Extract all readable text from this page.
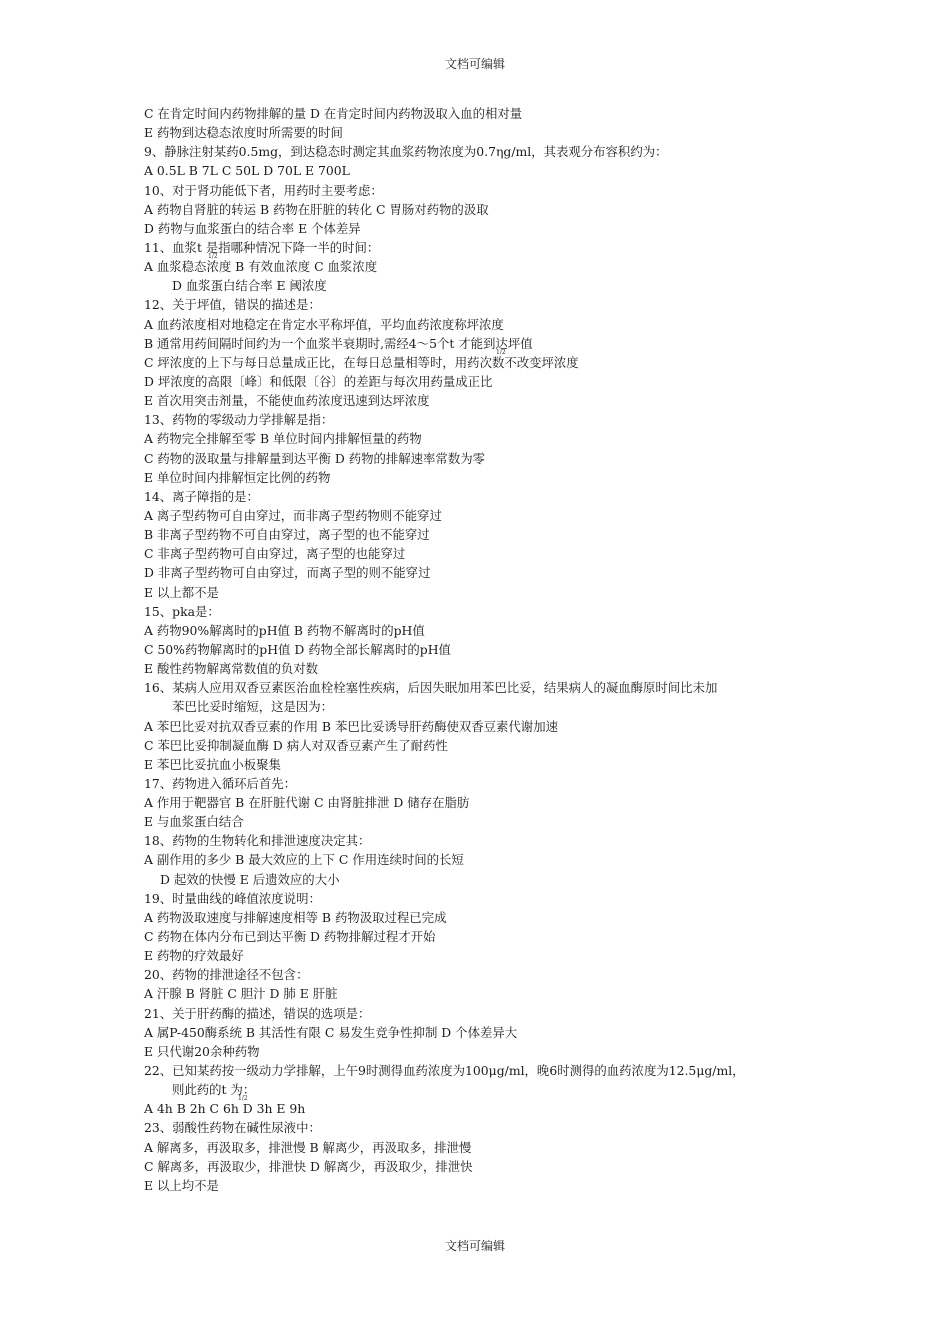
文档可编辑
C 在肯定时间内药物排解的量 D 在肯定时间内药物汲取入血的相对量
E 药物到达稳态浓度时所需要的时间
9、静脉注射某药0.5mg，到达稳态时测定其血浆药物浓度为0.7ηg/ml，其表观分布容积约为：
A 0.5L B 7L C 50L D 70L E 700L
10、对于肾功能低下者，用药时主要考虑：
A 药物自肾脏的转运 B 药物在肝脏的转化 C 胃肠对药物的汲取
D 药物与血浆蛋白的结合率 E 个体差异
11、血浆t 是指哪种情况下降一半的时间：
A 血浆稳态浓度 B 有效血浓度 C 血浆浓度
1/2
D 血浆蛋白结合率 E 阈浓度
12、关于坪值，错误的描述是：
A 血药浓度相对地稳定在肯定水平称坪值，平均血药浓度称坪浓度
B 通常用药间隔时间约为一个血浆半衰期时,需经4～5个t 才能到达坪值
C 坪浓度的上下与每日总量成正比，在每日总量相等时，用药次数不改变坪浓度
1/2
D 坪浓度的高限〔峰〕和低限〔谷〕的差距与每次用药量成正比
E 首次用突击剂量，不能使血药浓度迅速到达坪浓度
13、药物的零级动力学排解是指：
A 药物完全排解至零 B 单位时间内排解恒量的药物
C 药物的汲取量与排解量到达平衡 D 药物的排解速率常数为零
E 单位时间内排解恒定比例的药物
14、离子障指的是：
A 离子型药物可自由穿过，而非离子型药物则不能穿过
B 非离子型药物不可自由穿过，离子型的也不能穿过
C 非离子型药物可自由穿过，离子型的也能穿过
D 非离子型药物可自由穿过，而离子型的则不能穿过
E 以上都不是
15、pka是：
A 药物90%解离时的pH值 B 药物不解离时的pH值
C 50%药物解离时的pH值 D 药物全部长解离时的pH值
E 酸性药物解离常数值的负对数
16、某病人应用双香豆素医治血栓栓塞性疾病，后因失眠加用苯巴比妥，结果病人的凝血酶原时间比未加
苯巴比妥时缩短，这是因为：
A 苯巴比妥对抗双香豆素的作用 B 苯巴比妥诱导肝药酶使双香豆素代谢加速
C 苯巴比妥抑制凝血酶 D 病人对双香豆素产生了耐药性
E 苯巴比妥抗血小板聚集
17、药物进入循环后首先：
A 作用于靶器官 B 在肝脏代谢 C 由肾脏排泄 D 储存在脂肪
E 与血浆蛋白结合
18、药物的生物转化和排泄速度决定其：
A 副作用的多少 B 最大效应的上下 C 作用连续时间的长短
D 起效的快慢 E 后遗效应的大小
19、时量曲线的峰值浓度说明：
A 药物汲取速度与排解速度相等 B 药物汲取过程已完成
C 药物在体内分布已到达平衡 D 药物排解过程才开始
E 药物的疗效最好
20、药物的排泄途径不包含：
A 汗腺 B 肾脏 C 胆汁 D 肺 E 肝脏
21、关于肝药酶的描述，错误的选项是：
A 属P-450酶系统 B 其活性有限 C 易发生竞争性抑制 D 个体差异大
E 只代谢20余种药物
22、已知某药按一级动力学排解，上午9时测得血药浓度为100μg/ml，晚6时测得的血药浓度为12.5μg/ml，
则此药的t 为：
A 4h B 2h C 6h D 3h E 9h
1/2
23、弱酸性药物在碱性尿液中：
A 解离多，再汲取多，排泄慢 B 解离少，再汲取多，排泄慢
C 解离多，再汲取少，排泄快 D 解离少，再汲取少，排泄快
E 以上均不是
文档可编辑
